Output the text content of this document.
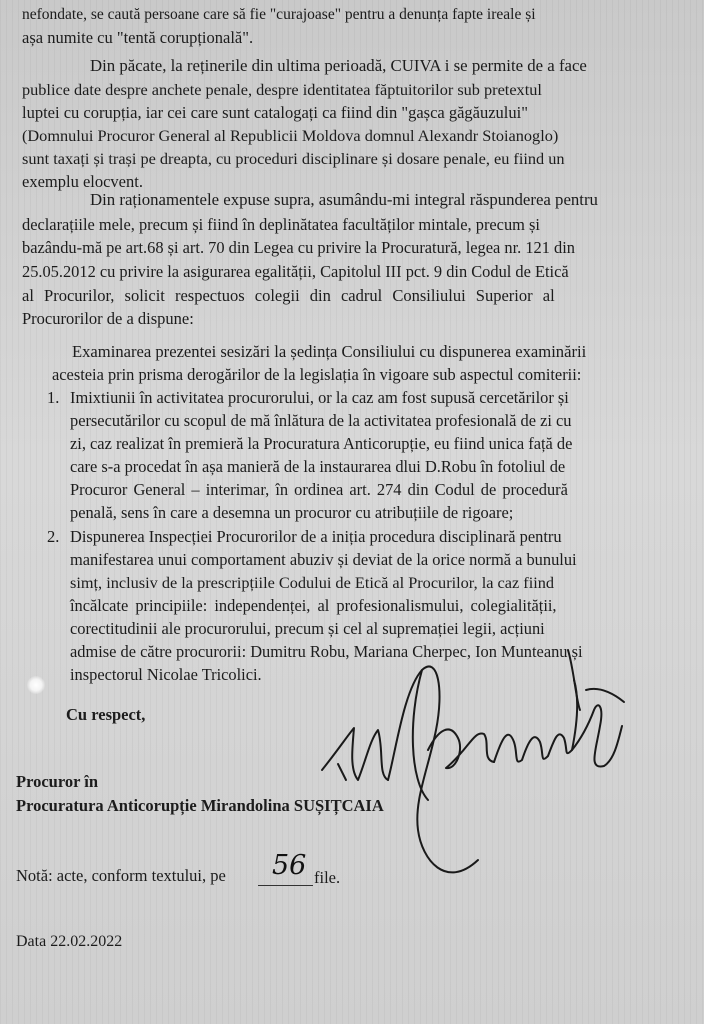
nefondate, se caută persoane care să fie "curajoase" pentru a denunța fapte ireale și
așa numite cu "tentă corupțională".
Din păcate, la reținerile din ultima perioadă, CUIVA i se permite de a face
publice date despre anchete penale, despre identitatea făptuitorilor sub pretextul
luptei cu corupția, iar cei care sunt catalogați ca fiind din "gașca găgăuzului"
(Domnului Procuror General al Republicii Moldova domnul Alexandr Stoianoglo)
sunt taxați și trași pe dreapta, cu proceduri disciplinare și dosare penale, eu fiind un
exemplu elocvent.
Din raționamentele expuse supra, asumându-mi integral răspunderea pentru
declarațiile mele, precum și fiind în deplinătatea facultăților mintale, precum și
bazându-mă pe art.68 și art. 70 din Legea cu privire la Procuratură, legea nr. 121 din
25.05.2012 cu privire la asigurarea egalității, Capitolul III pct. 9 din Codul de Etică
al Procurilor, solicit respectuos colegii din cadrul Consiliului Superior al
Procurorilor de a dispune:
Examinarea prezentei sesizări la ședința Consiliului cu dispunerea examinării
acesteia prin prisma derogărilor de la legislația în vigoare sub aspectul comiterii:
1. Imixtiunii în activitatea procurorului, or la caz am fost supusă cercetărilor și
persecutărilor cu scopul de mă înlătura de la activitatea profesională de zi cu
zi, caz realizat în premieră la Procuratura Anticorupție, eu fiind unica față de
care s-a procedat în așa manieră de la instaurarea dlui D.Robu în fotoliul de
Procuror General – interimar, în ordinea art. 274 din Codul de procedură
penală, sens în care a desemna un procuror cu atribuțiile de rigoare;
2. Dispunerea Inspecției Procurorilor de a iniția procedura disciplinară pentru
manifestarea unui comportament abuziv și deviat de la orice normă a bunului
simț, inclusiv de la prescripțiile Codului de Etică al Procurilor, la caz fiind
încălcate principiile: independenței, al profesionalismului, colegialității,
corectitudinii ale procurorului, precum și cel al supremației legii, acțiuni
admise de către procurorii: Dumitru Robu, Mariana Cherpec, Ion Munteanu și
inspectorul Nicolae Tricolici.
Cu respect,
Procuror în
Procuratura Anticorupție Mirandolina SUȘIȚCAIA
Notă: acte, conform textului, pe 56 file.
Data 22.02.2022
